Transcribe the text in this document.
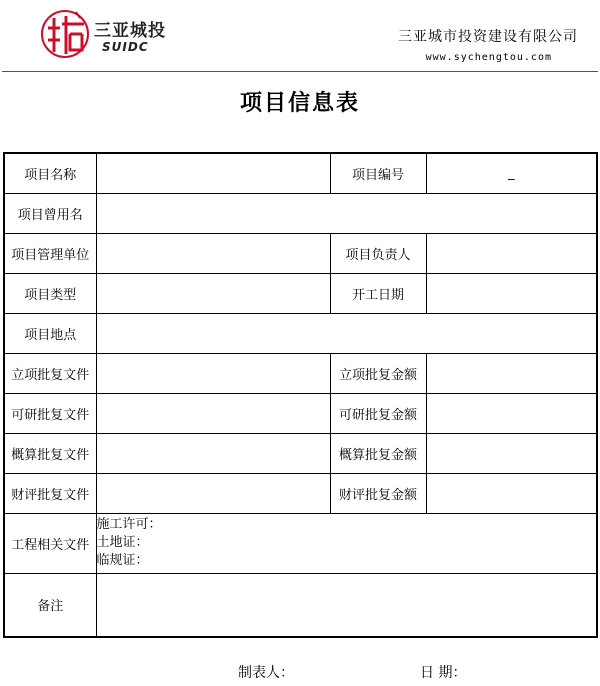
三亚城投
SUIDC
三亚城市投资建设有限公司
www.sychengtou.com
项目信息表
项目名称		项目编号	_
项目曾用名			
项目管理单位		项目负责人	
项目类型		开工日期	
项目地点			
立项批复文件		立项批复金额	
可研批复文件		可研批复金额	
概算批复文件		概算批复金额	
财评批复文件		财评批复金额	
工程相关文件	施工许可：
土地证：
临规证：		

备注			
制表人：	日 期：
